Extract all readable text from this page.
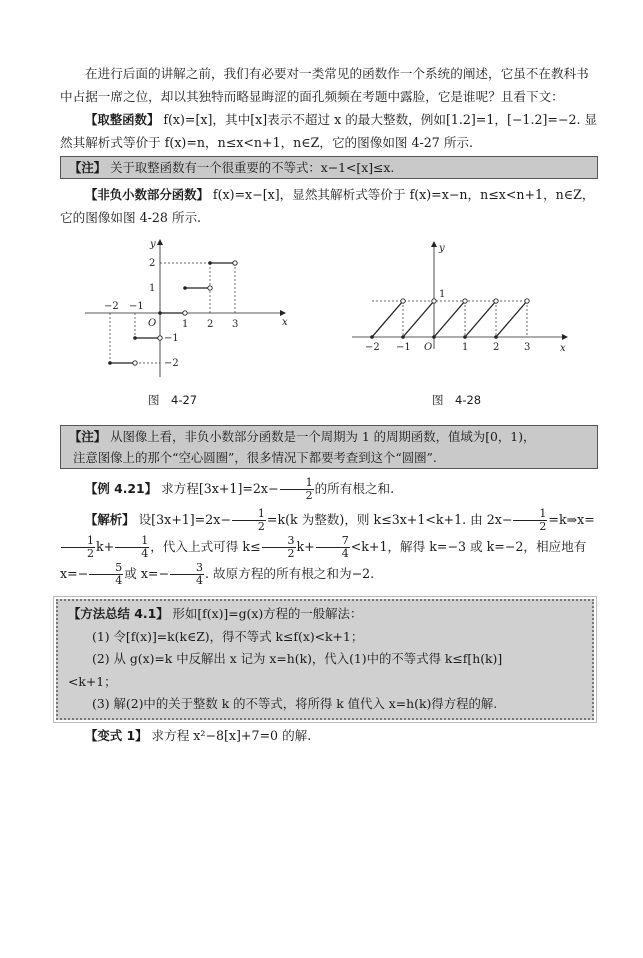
在进行后面的讲解之前，我们有必要对一类常见的函数作一个系统的阐述，它虽不在教科书中占据一席之位，却以其独特而略显晦涩的面孔频频在考题中露脸，它是谁呢？且看下文：

【取整函数】 f(x)=[x]，其中[x]表示不超过 x 的最大整数，例如[1.2]=1，[−1.2]=−2. 显然其解析式等价于 f(x)=n，n≤x<n+1，n∈Z，它的图像如图 4-27 所示.

【注】 关于取整函数有一个很重要的不等式：x−1<[x]≤x.

【非负小数部分函数】 f(x)=x−[x]，显然其解析式等价于 f(x)=x−n，n≤x<n+1，n∈Z，它的图像如图 4-28 所示.

x
y
O
−2 −1
1 2 3
2
1
−1
−2
图　4-27
x
y
O
−2 −1	1 2 3
1
图　4-28
【注】 从图像上看，非负小数部分函数是一个周期为 1 的周期函数，值域为[0，1)，
注意图像上的那个“空心圆圈”，很多情况下都要考查到这个“圆圈”.

【例 4.21】 求方程$[3x+1]=2x- \frac{1}{2}$ 的所有根之和.

【解析】 设$[3x+1]=2x- \frac{1}{2} =k(k$ 为整数)，则 k≤3x+1<k+1. 由 $2x- \frac{1}{2}$ =k⇒x=
$\frac{1}{2} k+ \frac{1}{4}$ ，代入上式可得 $k\le \frac{3}{2} k+ \frac{7}{4} <k+1$，解得 k=−3 或 k=−2，相应地有 $x=- \frac{5}{4}$ 或 $x=- \frac{3}{4}$ . 故原方程的所有根之和为−2.

【方法总结 4.1】 形如[f(x)]=g(x)方程的一般解法：
(1) 令[f(x)]=k(k∈Z)，得不等式 k≤f(x)<k+1；
(2) 从 g(x)=k 中反解出 x 记为 x=h(k)，代入(1)中的不等式得 k≤f[h(k)]
<k+1；
(3) 解(2)中的关于整数 k 的不等式，将所得 k 值代入 x=h(k)得方程的解.

【变式 1】 求方程 x²−8[x]+7=0 的解.
